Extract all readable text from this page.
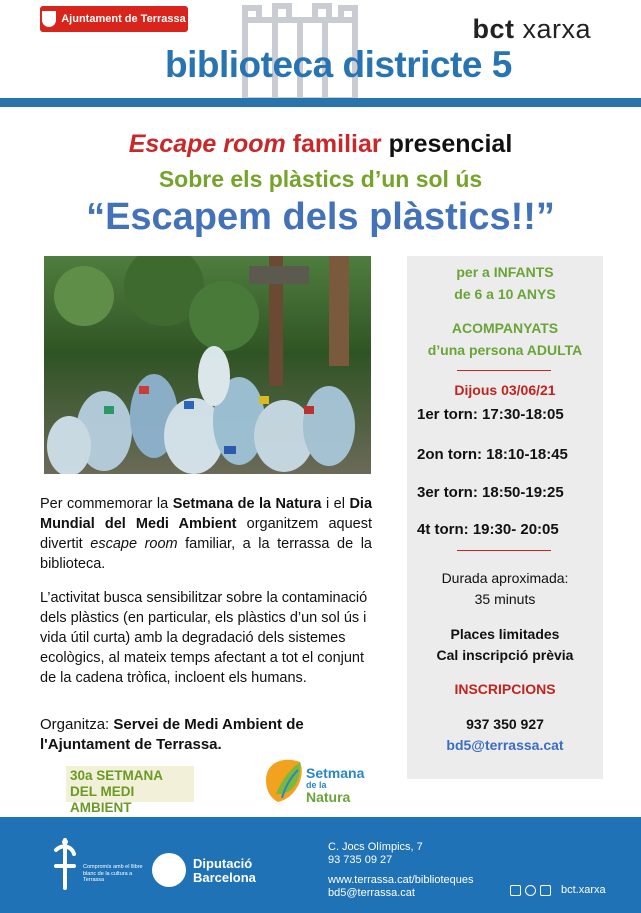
Ajuntament de Terrassa	bct xarxa
biblioteca districte 5
Escape room familiar presencial
Sobre els plàstics d’un sol ús
“Escapem dels plàstics!!”
per a INFANTS
de 6 a 10 ANYS
ACOMPANYATS
d’una persona ADULTA
Dijous 03/06/21
1er torn: 17:30-18:05
2on torn: 18:10-18:45
3er torn: 18:50-19:25
4t torn: 19:30- 20:05
Durada aproximada:
35 minuts
Places limitades
Cal inscripció prèvia
INSCRIPCIONS
937 350 927
bd5@terrassa.cat
Per commemorar la Setmana de la Natura i el Dia Mundial del Medi Ambient organitzem aquest divertit escape room familiar, a la terrassa de la biblioteca.
L’activitat busca sensibilitzar sobre la contaminació dels plàstics (en particular, els plàstics d’un sol ús i vida útil curta) amb la degradació dels sistemes ecològics, al mateix temps afectant a tot el conjunt de la cadena tròfica, incloent els humans.
Organitza: Servei de Medi Ambient de l'Ajuntament de Terrassa.
30a SETMANA
DEL MEDI AMBIENT
Setmana
de la
Natura
Compromís amb el llibre blanc de la cultura a Terrassa
Diputació
Barcelona
C. Jocs Olímpics, 7
93 735 09 27
www.terrassa.cat/biblioteques
bd5@terrassa.cat	bct.xarxa
